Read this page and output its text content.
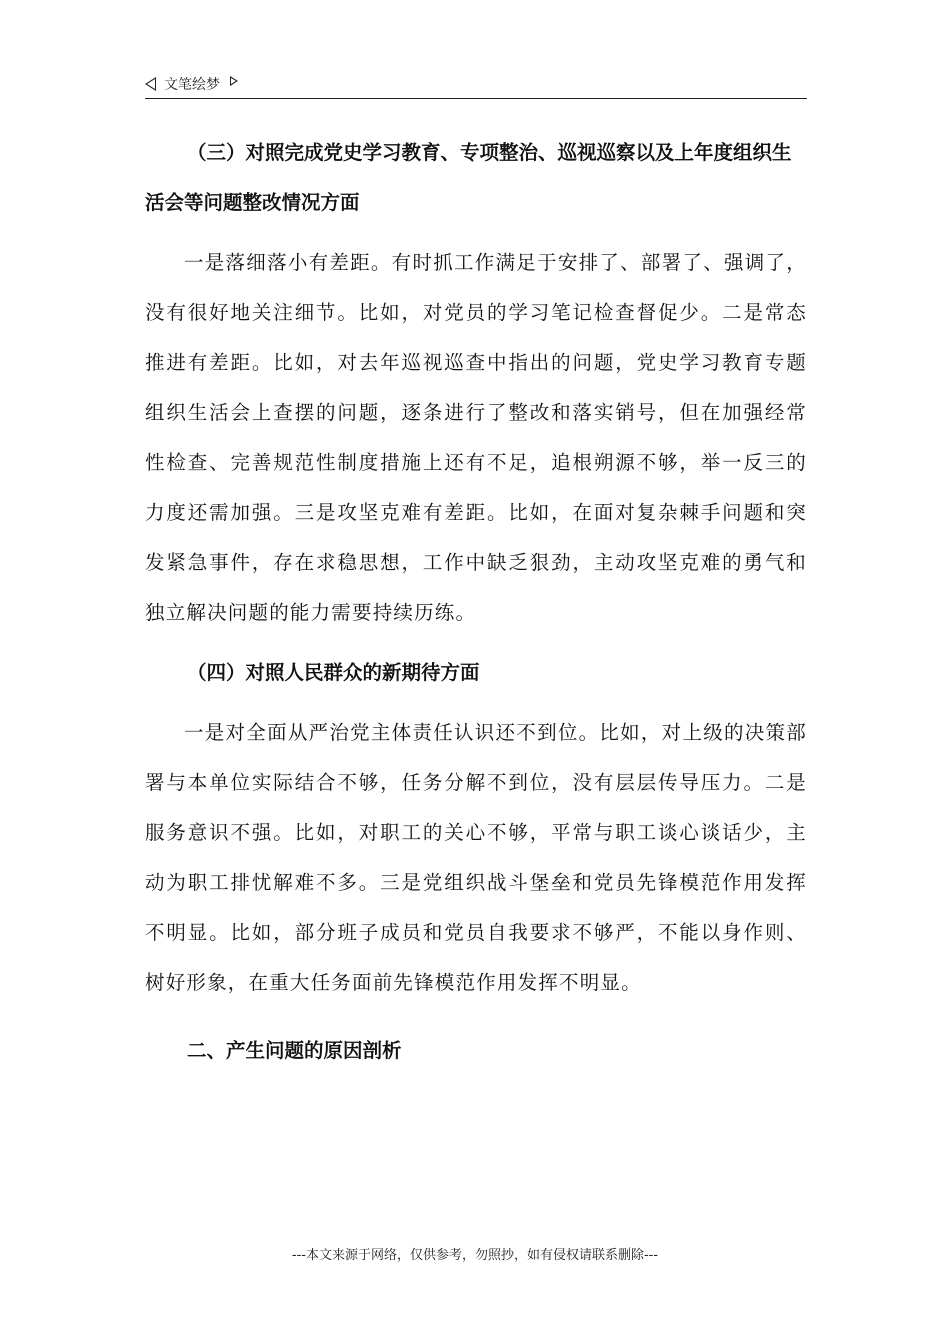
文笔绘梦

（三）对照完成党史学习教育、专项整治、巡视巡察以及上年度组织生活会等问题整改情况方面

一是落细落小有差距。有时抓工作满足于安排了、部署了、强调了，没有很好地关注细节。比如，对党员的学习笔记检查督促少。二是常态推进有差距。比如，对去年巡视巡查中指出的问题，党史学习教育专题组织生活会上查摆的问题，逐条进行了整改和落实销号，但在加强经常性检查、完善规范性制度措施上还有不足，追根朔源不够，举一反三的力度还需加强。三是攻坚克难有差距。比如，在面对复杂棘手问题和突发紧急事件，存在求稳思想，工作中缺乏狠劲，主动攻坚克难的勇气和独立解决问题的能力需要持续历练。

（四）对照人民群众的新期待方面

一是对全面从严治党主体责任认识还不到位。比如，对上级的决策部署与本单位实际结合不够，任务分解不到位，没有层层传导压力。二是服务意识不强。比如，对职工的关心不够，平常与职工谈心谈话少，主动为职工排忧解难不多。三是党组织战斗堡垒和党员先锋模范作用发挥不明显。比如，部分班子成员和党员自我要求不够严，不能以身作则、树好形象，在重大任务面前先锋模范作用发挥不明显。

二、产生问题的原因剖析

---本文来源于网络，仅供参考，勿照抄，如有侵权请联系删除---
